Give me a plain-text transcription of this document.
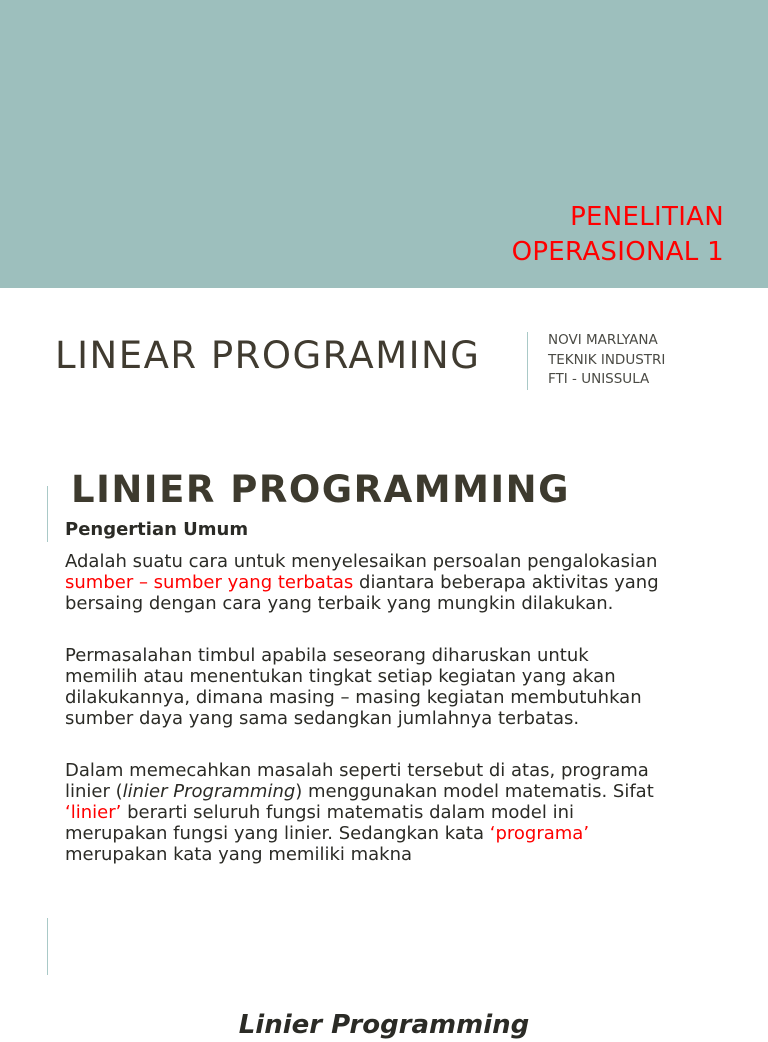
PENELITIAN
OPERASIONAL 1
LINEAR PROGRAMING	NOVI MARLYANA
TEKNIK INDUSTRI
FTI - UNISSULA
LINIER PROGRAMMING
Pengertian Umum

Adalah suatu cara untuk menyelesaikan persoalan pengalokasian sumber – sumber yang terbatas diantara beberapa aktivitas yang bersaing dengan cara yang terbaik yang mungkin dilakukan.

Permasalahan timbul apabila seseorang diharuskan untuk memilih atau menentukan tingkat setiap kegiatan yang akan dilakukannya, dimana masing – masing kegiatan membutuhkan sumber daya yang sama sedangkan jumlahnya terbatas.

Dalam memecahkan masalah seperti tersebut di atas, programa linier (linier Programming) menggunakan model matematis. Sifat ‘linier’ berarti seluruh fungsi matematis dalam model ini merupakan fungsi yang linier. Sedangkan kata ‘programa’ merupakan kata yang memiliki makna

Linier Programming
